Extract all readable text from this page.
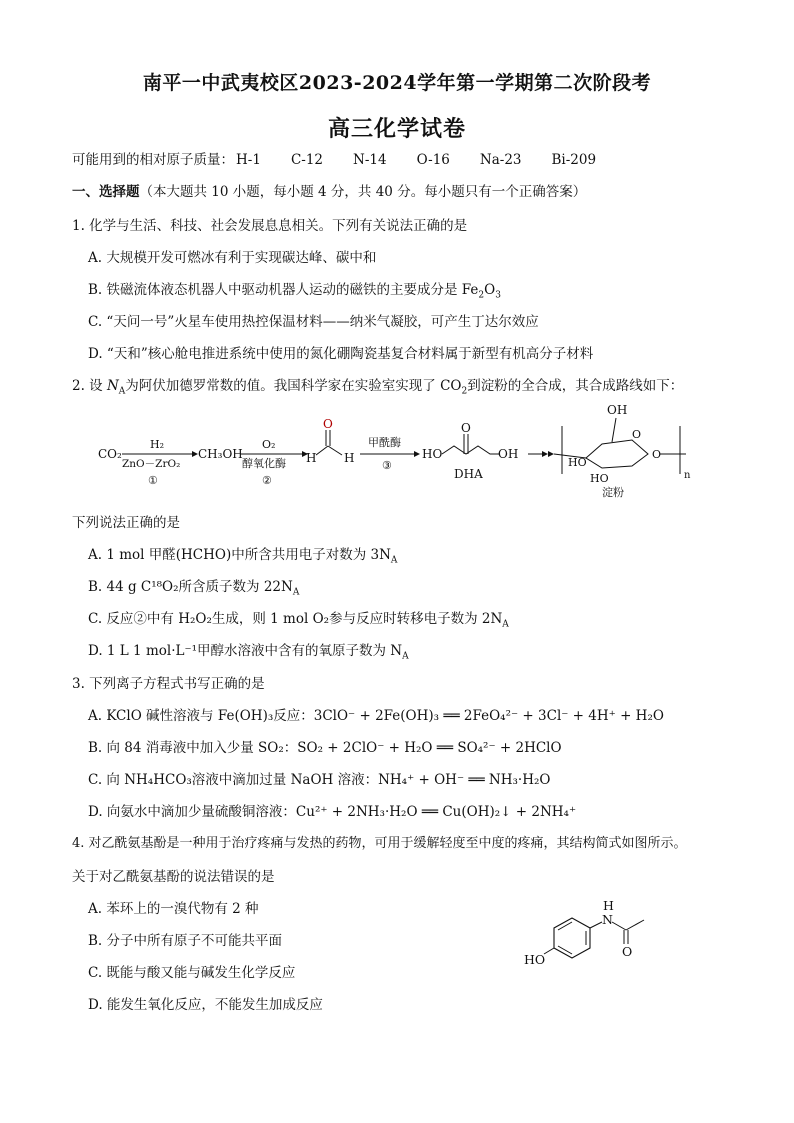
南平一中武夷校区2023-2024学年第一学期第二次阶段考
高三化学试卷
可能用到的相对原子质量： H-1 C-12 N-14 O-16 Na-23 Bi-209
一、选择题（本大题共 10 小题，每小题 4 分，共 40 分。每小题只有一个正确答案）
1. 化学与生活、科技、社会发展息息相关。下列有关说法正确的是
A. 大规模开发可燃冰有利于实现碳达峰、碳中和
B. 铁磁流体液态机器人中驱动机器人运动的磁铁的主要成分是 $Fe_2O_3$
C. “天问一号”火星车使用热控保温材料——纳米气凝胶，可产生丁达尔效应
D. “天和”核心舱电推进系统中使用的氮化硼陶瓷基复合材料属于新型有机高分子材料
2. 设 $N_A$为阿伏加德罗常数的值。我国科学家在实验室实现了 $CO_2$到淀粉的全合成，其合成路线如下：
CO₂
H₂
ZnO－ZrO₂
①
CH₃OH
O₂
醇氧化酶
②
H H
O
甲酰酶
③
HO
O
OH
DHA
OH
O
HO
HO
O
n
淀粉
下列说法正确的是
A. 1 mol 甲醛(HCHO)中所含共用电子对数为 $3N_A$
B. 44 g C¹⁸O₂所含质子数为 $22N_A$
C. 反应②中有 H₂O₂生成，则 1 mol O₂参与反应时转移电子数为 $2N_A$
D. 1 L 1 mol·L⁻¹甲醇水溶液中含有的氧原子数为 $N_A$
3. 下列离子方程式书写正确的是
A. KClO 碱性溶液与 Fe(OH)₃反应：3ClO⁻ + 2Fe(OH)₃ ══ 2FeO₄²⁻ + 3Cl⁻ + 4H⁺ + H₂O
B. 向 84 消毒液中加入少量 SO₂：SO₂ + 2ClO⁻ + H₂O ══ SO₄²⁻ + 2HClO
C. 向 NH₄HCO₃溶液中滴加过量 NaOH 溶液：NH₄⁺ + OH⁻ ══ NH₃·H₂O
D. 向氨水中滴加少量硫酸铜溶液：Cu²⁺ + 2NH₃·H₂O ══ Cu(OH)₂↓ + 2NH₄⁺
4. 对乙酰氨基酚是一种用于治疗疼痛与发热的药物，可用于缓解轻度至中度的疼痛，其结构简式如图所示。
关于对乙酰氨基酚的说法错误的是
A. 苯环上的一溴代物有 2 种
B. 分子中所有原子不可能共平面
C. 既能与酸又能与碱发生化学反应
D. 能发生氧化反应，不能发生加成反应
HO
N
H
O
